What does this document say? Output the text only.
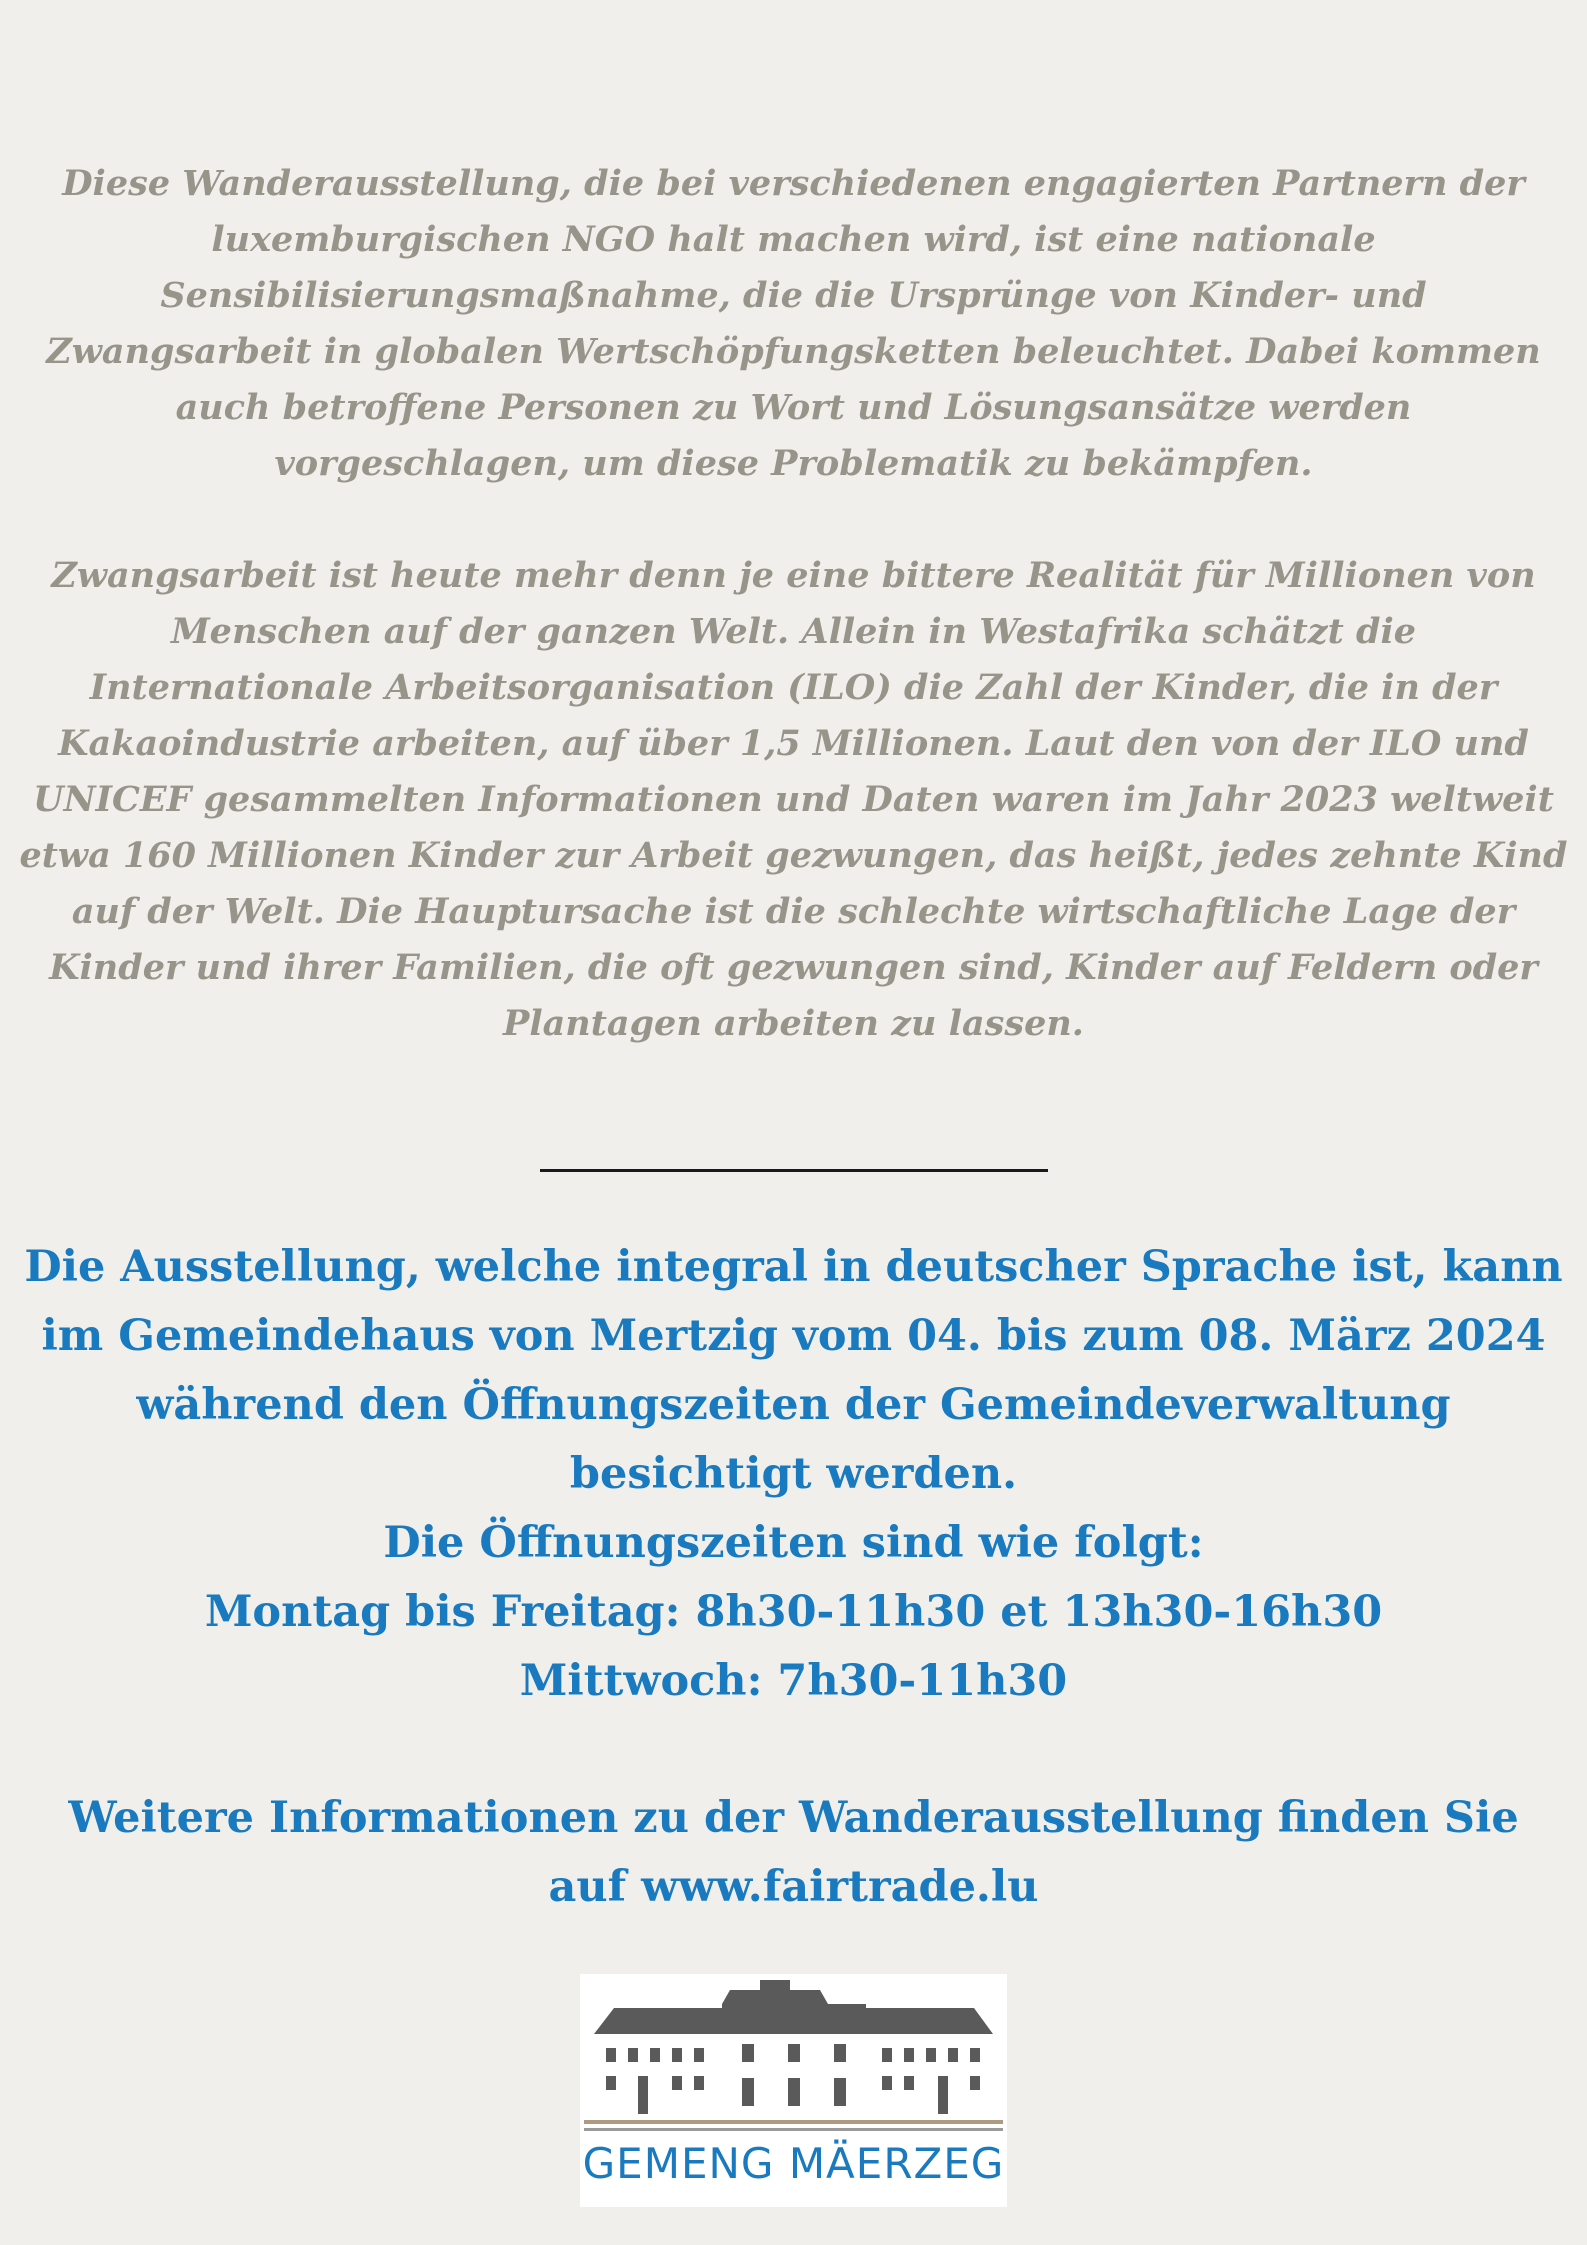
Diese Wanderausstellung, die bei verschiedenen engagierten Partnern der
luxemburgischen NGO halt machen wird, ist eine nationale
Sensibilisierungsmaßnahme, die die Ursprünge von Kinder- und
Zwangsarbeit in globalen Wertschöpfungsketten beleuchtet. Dabei kommen
auch betroffene Personen zu Wort und Lösungsansätze werden
vorgeschlagen, um diese Problematik zu bekämpfen.
Zwangsarbeit ist heute mehr denn je eine bittere Realität für Millionen von
Menschen auf der ganzen Welt. Allein in Westafrika schätzt die
Internationale Arbeitsorganisation (ILO) die Zahl der Kinder, die in der
Kakaoindustrie arbeiten, auf über 1,5 Millionen. Laut den von der ILO und
UNICEF gesammelten Informationen und Daten waren im Jahr 2023 weltweit
etwa 160 Millionen Kinder zur Arbeit gezwungen, das heißt, jedes zehnte Kind
auf der Welt. Die Hauptursache ist die schlechte wirtschaftliche Lage der
Kinder und ihrer Familien, die oft gezwungen sind, Kinder auf Feldern oder
Plantagen arbeiten zu lassen.
Die Ausstellung, welche integral in deutscher Sprache ist, kann
im Gemeindehaus von Mertzig vom 04. bis zum 08. März 2024
während den Öffnungszeiten der Gemeindeverwaltung
besichtigt werden.
Die Öffnungszeiten sind wie folgt:
Montag bis Freitag: 8h30-11h30 et 13h30-16h30
Mittwoch: 7h30-11h30
Weitere Informationen zu der Wanderausstellung finden Sie
auf www.fairtrade.lu
GEMENG MÄERZEG
